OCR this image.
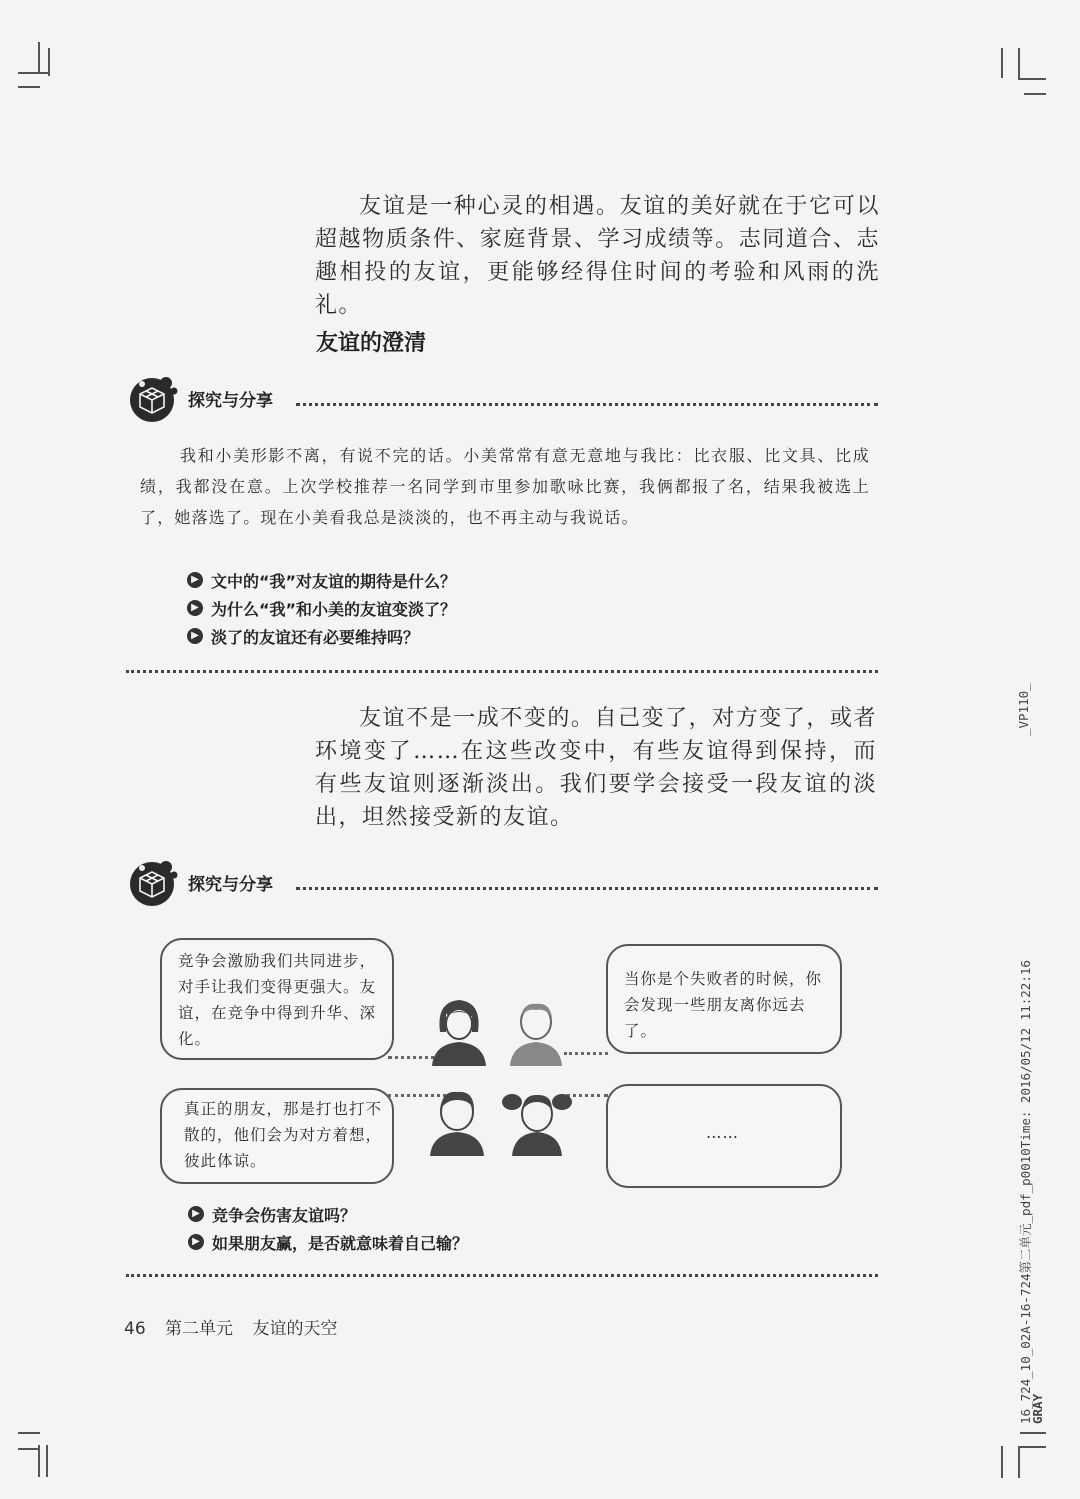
友谊是一种心灵的相遇。友谊的美好就在于它可以超越物质条件、家庭背景、学习成绩等。志同道合、志趣相投的友谊，更能够经得住时间的考验和风雨的洗礼。
友谊的澄清
探究与分享
我和小美形影不离，有说不完的话。小美常常有意无意地与我比：比衣服、比文具、比成绩，我都没在意。上次学校推荐一名同学到市里参加歌咏比赛，我俩都报了名，结果我被选上了，她落选了。现在小美看我总是淡淡的，也不再主动与我说话。
▶ 文中的“我”对友谊的期待是什么？
▶ 为什么“我”和小美的友谊变淡了？
▶ 淡了的友谊还有必要维持吗？
友谊不是一成不变的。自己变了，对方变了，或者环境变了……在这些改变中，有些友谊得到保持，而有些友谊则逐渐淡出。我们要学会接受一段友谊的淡出，坦然接受新的友谊。
探究与分享
竞争会激励我们共同进步，对手让我们变得更强大。友谊，在竞争中得到升华、深化。
当你是个失败者的时候，你会发现一些朋友离你远去了。
真正的朋友，那是打也打不散的，他们会为对方着想，彼此体谅。
……
▶ 竞争会伤害友谊吗？
▶ 如果朋友赢，是否就意味着自己输？
46 第二单元 友谊的天空
_VP110_
16_724_10_02A-16-724第二单元_pdf_p0010Time: 2016/05/12 11:22:16
GRAY
